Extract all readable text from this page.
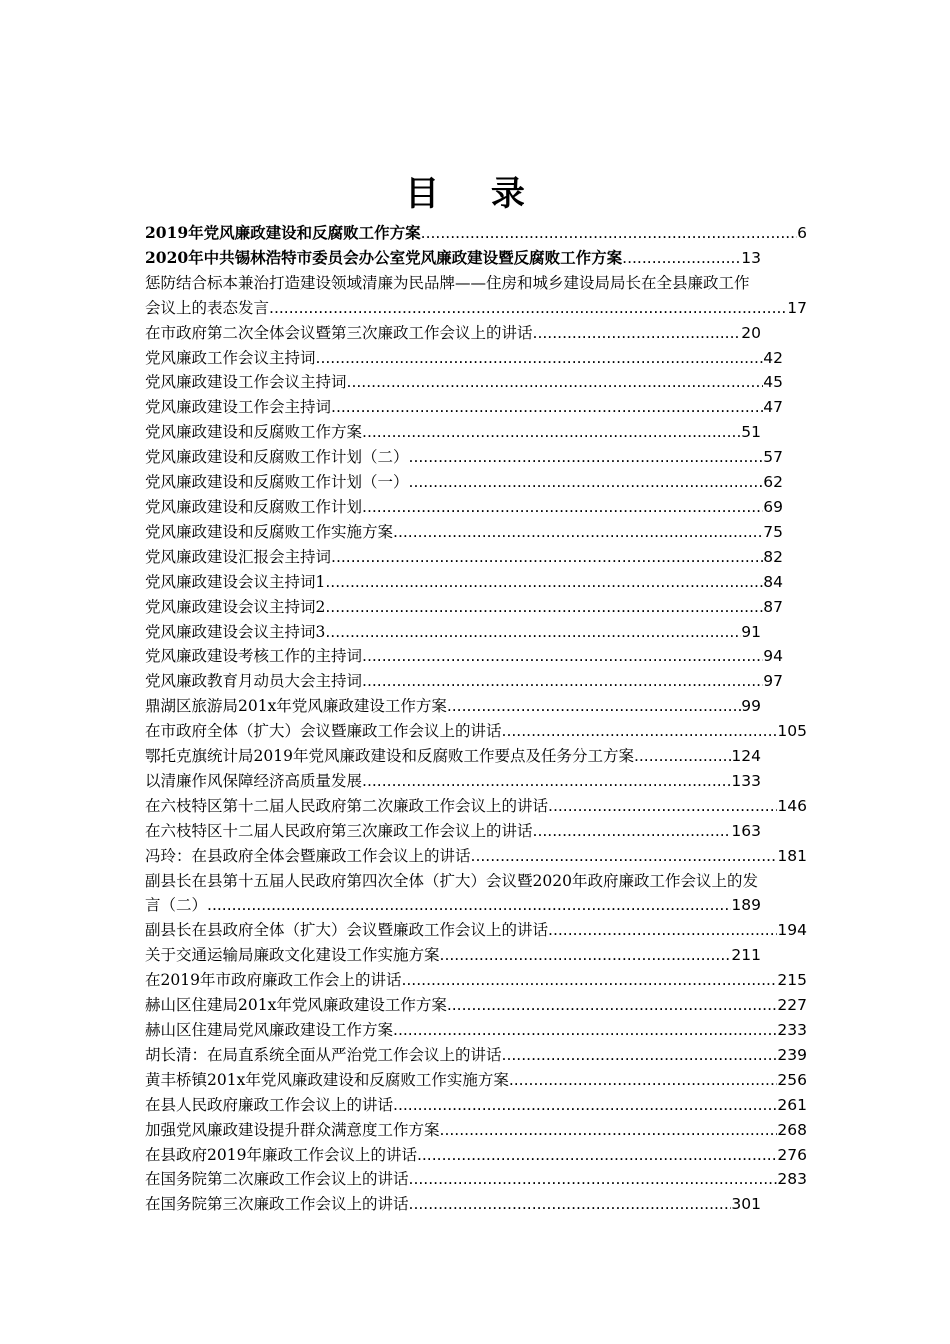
目 录
2019年党风廉政建设和反腐败工作方案 .....	6
2020年中共锡林浩特市委员会办公室党风廉政建设暨反腐败工作方案 .....	13
惩防结合标本兼治打造建设领域清廉为民品牌——住房和城乡建设局局长在全县廉政工作
会议上的表态发言 .....	17
在市政府第二次全体会议暨第三次廉政工作会议上的讲话 .....	20
党风廉政工作会议主持词 .....	42
党风廉政建设工作会议主持词 .....	45
党风廉政建设工作会主持词 .....	47
党风廉政建设和反腐败工作方案 .....	51
党风廉政建设和反腐败工作计划（二） .....	57
党风廉政建设和反腐败工作计划（一） .....	62
党风廉政建设和反腐败工作计划 .....	69
党风廉政建设和反腐败工作实施方案 .....	75
党风廉政建设汇报会主持词 .....	82
党风廉政建设会议主持词1 .....	84
党风廉政建设会议主持词2 .....	87
党风廉政建设会议主持词3 .....	91
党风廉政建设考核工作的主持词 .....	94
党风廉政教育月动员大会主持词 .....	97
鼎湖区旅游局201x年党风廉政建设工作方案 .....	99
在市政府全体（扩大）会议暨廉政工作会议上的讲话 .....	105
鄂托克旗统计局2019年党风廉政建设和反腐败工作要点及任务分工方案 .....	124
以清廉作风保障经济高质量发展 .....	133
在六枝特区第十二届人民政府第二次廉政工作会议上的讲话 .....	146
在六枝特区十二届人民政府第三次廉政工作会议上的讲话 .....	163
冯玲：在县政府全体会暨廉政工作会议上的讲话 .....	181
副县长在县第十五届人民政府第四次全体（扩大）会议暨2020年政府廉政工作会议上的发
言（二） .....	189
副县长在县政府全体（扩大）会议暨廉政工作会议上的讲话 .....	194
关于交通运输局廉政文化建设工作实施方案 .....	211
在2019年市政府廉政工作会上的讲话 .....	215
赫山区住建局201x年党风廉政建设工作方案 .....	227
赫山区住建局党风廉政建设工作方案 .....	233
胡长清：在局直系统全面从严治党工作会议上的讲话 .....	239
黄丰桥镇201x年党风廉政建设和反腐败工作实施方案 .....	256
在县人民政府廉政工作会议上的讲话 .....	261
加强党风廉政建设提升群众满意度工作方案 .....	268
在县政府2019年廉政工作会议上的讲话 .....	276
在国务院第二次廉政工作会议上的讲话 .....	283
在国务院第三次廉政工作会议上的讲话 .....	301
